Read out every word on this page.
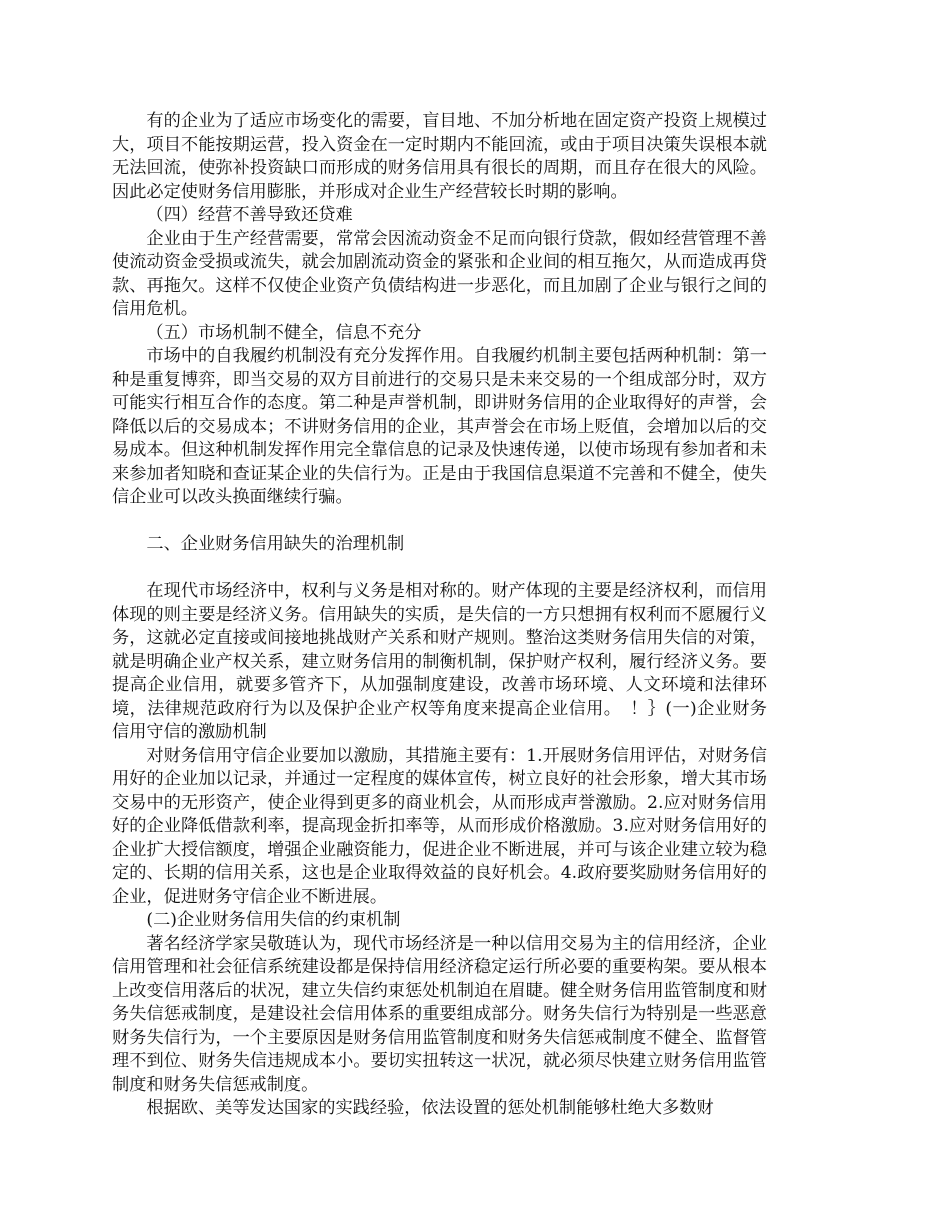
有的企业为了适应市场变化的需要，盲目地、不加分析地在固定资产投资上规模过大，项目不能按期运营，投入资金在一定时期内不能回流，或由于项目决策失误根本就无法回流，使弥补投资缺口而形成的财务信用具有很长的周期，而且存在很大的风险。因此必定使财务信用膨胀，并形成对企业生产经营较长时期的影响。

（四）经营不善导致还贷难

企业由于生产经营需要，常常会因流动资金不足而向银行贷款，假如经营管理不善使流动资金受损或流失，就会加剧流动资金的紧张和企业间的相互拖欠，从而造成再贷款、再拖欠。这样不仅使企业资产负债结构进一步恶化，而且加剧了企业与银行之间的信用危机。

（五）市场机制不健全，信息不充分

市场中的自我履约机制没有充分发挥作用。自我履约机制主要包括两种机制：第一种是重复博弈，即当交易的双方目前进行的交易只是未来交易的一个组成部分时，双方可能实行相互合作的态度。第二种是声誉机制，即讲财务信用的企业取得好的声誉，会降低以后的交易成本；不讲财务信用的企业，其声誉会在市场上贬值，会增加以后的交易成本。但这种机制发挥作用完全靠信息的记录及快速传递，以使市场现有参加者和未来参加者知晓和查证某企业的失信行为。正是由于我国信息渠道不完善和不健全，使失信企业可以改头换面继续行骗。

二、企业财务信用缺失的治理机制

在现代市场经济中，权利与义务是相对称的。财产体现的主要是经济权利，而信用体现的则主要是经济义务。信用缺失的实质，是失信的一方只想拥有权利而不愿履行义务，这就必定直接或间接地挑战财产关系和财产规则。整治这类财务信用失信的对策，就是明确企业产权关系，建立财务信用的制衡机制，保护财产权利，履行经济义务。要提高企业信用，就要多管齐下，从加强制度建设，改善市场环境、人文环境和法律环境，法律规范政府行为以及保护企业产权等角度来提高企业信用。　！｝(一)企业财务信用守信的激励机制

对财务信用守信企业要加以激励，其措施主要有：1.开展财务信用评估，对财务信用好的企业加以记录，并通过一定程度的媒体宣传，树立良好的社会形象，增大其市场交易中的无形资产，使企业得到更多的商业机会，从而形成声誉激励。2.应对财务信用好的企业降低借款利率，提高现金折扣率等，从而形成价格激励。3.应对财务信用好的企业扩大授信额度，增强企业融资能力，促进企业不断进展，并可与该企业建立较为稳定的、长期的信用关系，这也是企业取得效益的良好机会。4.政府要奖励财务信用好的企业，促进财务守信企业不断进展。

(二)企业财务信用失信的约束机制

著名经济学家吴敬琏认为，现代市场经济是一种以信用交易为主的信用经济，企业信用管理和社会征信系统建设都是保持信用经济稳定运行所必要的重要构架。要从根本上改变信用落后的状况，建立失信约束惩处机制迫在眉睫。健全财务信用监管制度和财务失信惩戒制度，是建设社会信用体系的重要组成部分。财务失信行为特别是一些恶意财务失信行为，一个主要原因是财务信用监管制度和财务失信惩戒制度不健全、监督管理不到位、财务失信违规成本小。要切实扭转这一状况，就必须尽快建立财务信用监管制度和财务失信惩戒制度。

根据欧、美等发达国家的实践经验，依法设置的惩处机制能够杜绝大多数财
